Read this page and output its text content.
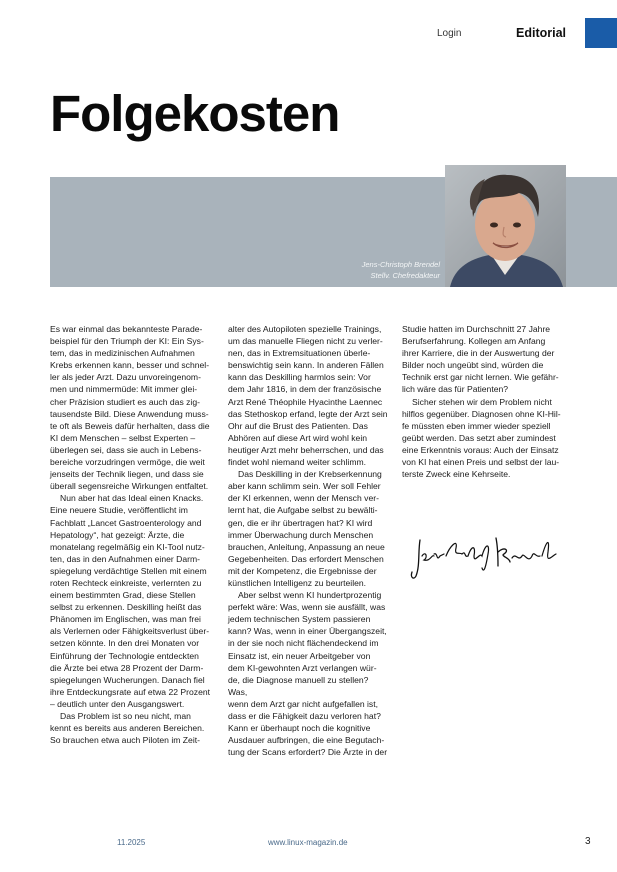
Login	Editorial
Folgekosten
Jens-Christoph Brendel
Stellv. Chefredakteur

Es war einmal das bekannteste Parade-
beispiel für den Triumph der KI: Ein Sys-
tem, das in medizinischen Aufnahmen
Krebs erkennen kann, besser und schnel-
ler als jeder Arzt. Dazu unvoreingenom-
men und nimmermüde: Mit immer glei-
cher Präzision studiert es auch das zig-
tausendste Bild. Diese Anwendung muss-
te oft als Beweis dafür herhalten, dass die
KI dem Menschen – selbst Experten –
überlegen sei, dass sie auch in Lebens-
bereiche vorzudringen vermöge, die weit
jenseits der Technik liegen, und dass sie
überall segensreiche Wirkungen entfaltet.

Nun aber hat das Ideal einen Knacks.
Eine neuere Studie, veröffentlicht im
Fachblatt „Lancet Gastroenterology and
Hepatology“, hat gezeigt: Ärzte, die
monatelang regelmäßig ein KI-Tool nutz-
ten, das in den Aufnahmen einer Darm-
spiegelung verdächtige Stellen mit einem
roten Rechteck einkreiste, verlernten zu
einem bestimmten Grad, diese Stellen
selbst zu erkennen. Deskilling heißt das
Phänomen im Englischen, was man frei
als Verlernen oder Fähigkeitsverlust über-
setzen könnte. In den drei Monaten vor
Einführung der Technologie entdeckten
die Ärzte bei etwa 28 Prozent der Darm-
spiegelungen Wucherungen. Danach fiel
ihre Entdeckungsrate auf etwa 22 Prozent
– deutlich unter den Ausgangswert.

Das Problem ist so neu nicht, man
kennt es bereits aus anderen Bereichen.
So brauchen etwa auch Piloten im Zeit-

alter des Autopiloten spezielle Trainings,
um das manuelle Fliegen nicht zu verler-
nen, das in Extremsituationen überle-
benswichtig sein kann. In anderen Fällen
kann das Deskilling harmlos sein: Vor
dem Jahr 1816, in dem der französische
Arzt René Théophile Hyacinthe Laennec
das Stethoskop erfand, legte der Arzt sein
Ohr auf die Brust des Patienten. Das
Abhören auf diese Art wird wohl kein
heutiger Arzt mehr beherrschen, und das
findet wohl niemand weiter schlimm.

Das Deskilling in der Krebserkennung
aber kann schlimm sein. Wer soll Fehler
der KI erkennen, wenn der Mensch ver-
lernt hat, die Aufgabe selbst zu bewälti-
gen, die er ihr übertragen hat? KI wird
immer Überwachung durch Menschen
brauchen, Anleitung, Anpassung an neue
Gegebenheiten. Das erfordert Menschen
mit der Kompetenz, die Ergebnisse der
künstlichen Intelligenz zu beurteilen.

Aber selbst wenn KI hundertprozentig
perfekt wäre: Was, wenn sie ausfällt, was
jedem technischen System passieren
kann? Was, wenn in einer Übergangszeit,
in der sie noch nicht flächendeckend im
Einsatz ist, ein neuer Arbeitgeber von
dem KI-gewohnten Arzt verlangen wür-
de, die Diagnose manuell zu stellen? Was,
wenn dem Arzt gar nicht aufgefallen ist,
dass er die Fähigkeit dazu verloren hat?
Kann er überhaupt noch die kognitive
Ausdauer aufbringen, die eine Begutach-
tung der Scans erfordert? Die Ärzte in der

Studie hatten im Durchschnitt 27 Jahre
Berufserfahrung. Kollegen am Anfang
ihrer Karriere, die in der Auswertung der
Bilder noch ungeübt sind, würden die
Technik erst gar nicht lernen. Wie gefähr-
lich wäre das für Patienten?

Sicher stehen wir dem Problem nicht
hilflos gegenüber. Diagnosen ohne KI-Hil-
fe müssten eben immer wieder speziell
geübt werden. Das setzt aber zumindest
eine Erkenntnis voraus: Auch der Einsatz
von KI hat einen Preis und selbst der lau-
terste Zweck eine Kehrseite.

11.2025	www.linux-magazin.de	3
